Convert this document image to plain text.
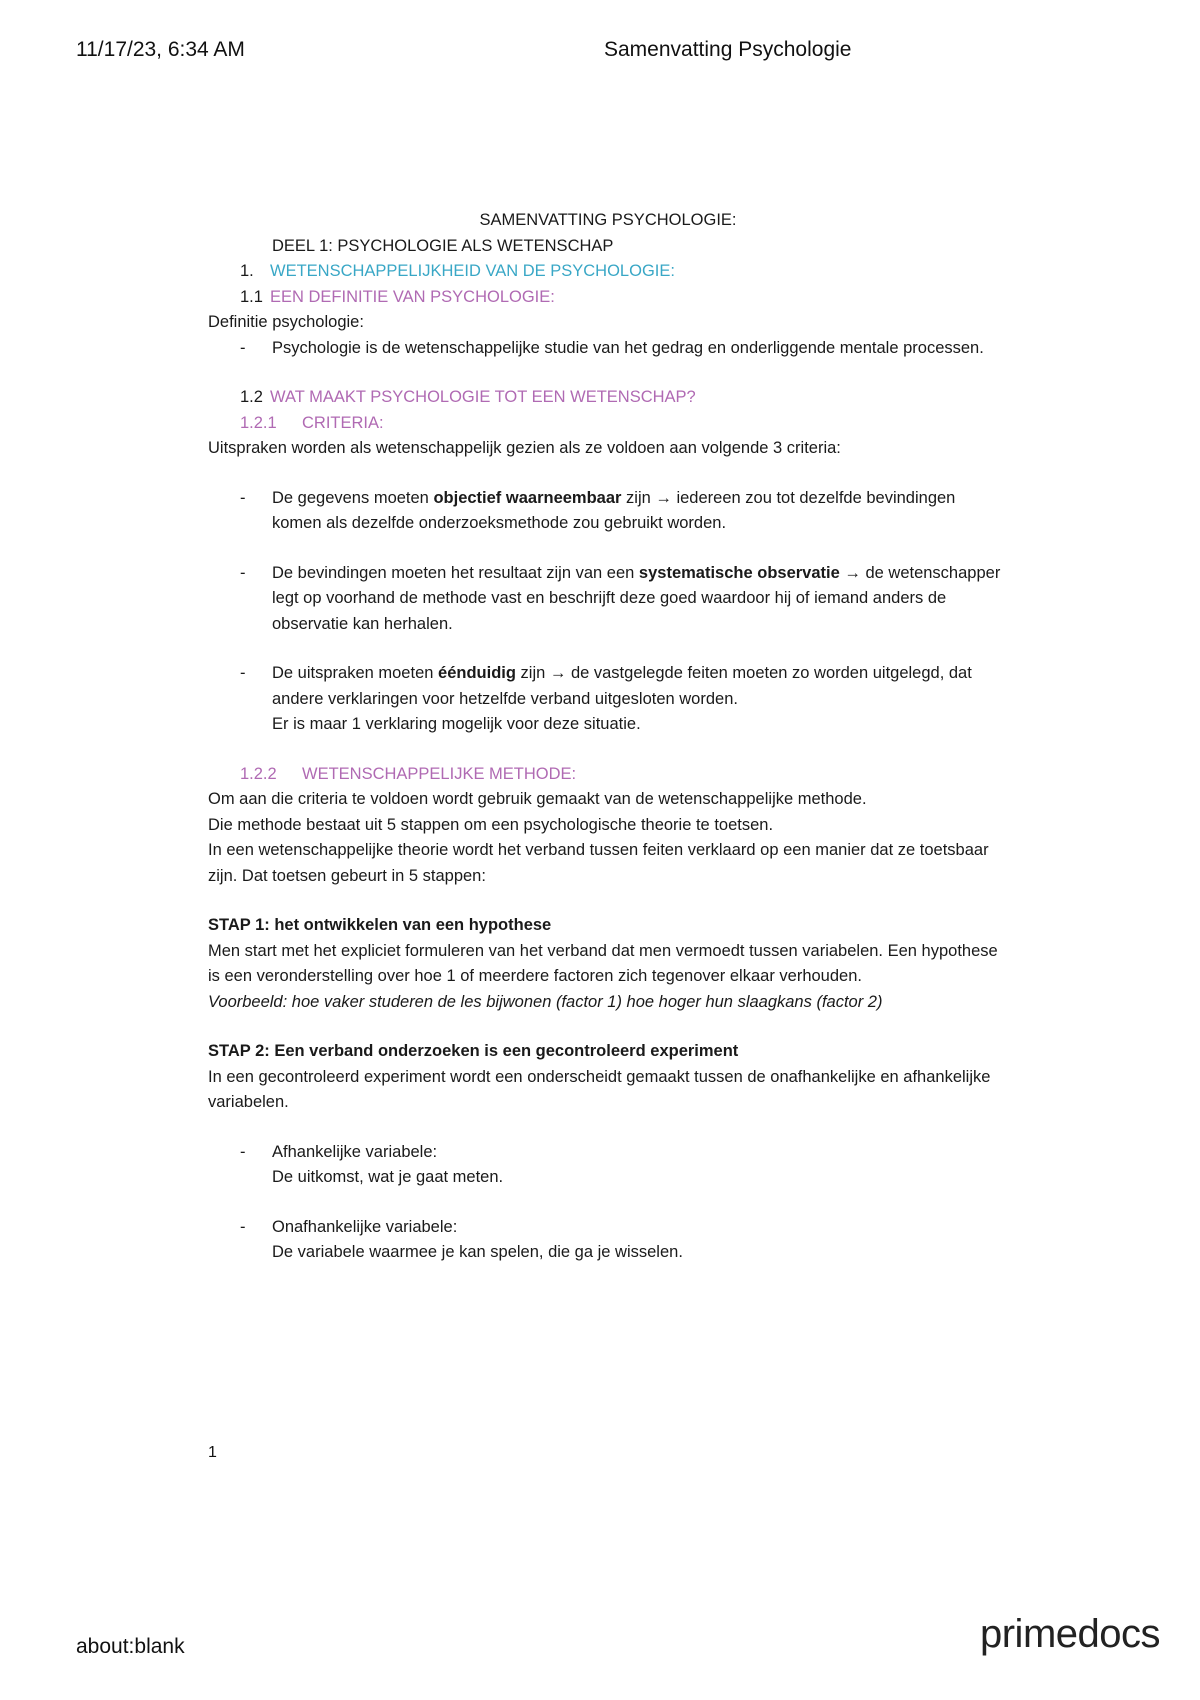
11/17/23, 6:34 AM	Samenvatting Psychologie
SAMENVATTING PSYCHOLOGIE:
DEEL 1: PSYCHOLOGIE ALS WETENSCHAP
1. WETENSCHAPPELIJKHEID VAN DE PSYCHOLOGIE:
1.1 EEN DEFINITIE VAN PSYCHOLOGIE:
Definitie psychologie:
- Psychologie is de wetenschappelijke studie van het gedrag en onderliggende mentale processen.
1.2 WAT MAAKT PSYCHOLOGIE TOT EEN WETENSCHAP?
1.2.1 CRITERIA:
Uitspraken worden als wetenschappelijk gezien als ze voldoen aan volgende 3 criteria:
- De gegevens moeten objectief waarneembaar zijn → iedereen zou tot dezelfde bevindingen komen als dezelfde onderzoeksmethode zou gebruikt worden.
- De bevindingen moeten het resultaat zijn van een systematische observatie → de wetenschapper legt op voorhand de methode vast en beschrijft deze goed waardoor hij of iemand anders de observatie kan herhalen.
- De uitspraken moeten éénduidig zijn → de vastgelegde feiten moeten zo worden uitgelegd, dat andere verklaringen voor hetzelfde verband uitgesloten worden.
Er is maar 1 verklaring mogelijk voor deze situatie.
1.2.2 WETENSCHAPPELIJKE METHODE:
Om aan die criteria te voldoen wordt gebruik gemaakt van de wetenschappelijke methode.
Die methode bestaat uit 5 stappen om een psychologische theorie te toetsen.
In een wetenschappelijke theorie wordt het verband tussen feiten verklaard op een manier dat ze toetsbaar zijn. Dat toetsen gebeurt in 5 stappen:
STAP 1: het ontwikkelen van een hypothese
Men start met het expliciet formuleren van het verband dat men vermoedt tussen variabelen. Een hypothese is een veronderstelling over hoe 1 of meerdere factoren zich tegenover elkaar verhouden.
Voorbeeld: hoe vaker studeren de les bijwonen (factor 1) hoe hoger hun slaagkans (factor 2)
STAP 2: Een verband onderzoeken is een gecontroleerd experiment
In een gecontroleerd experiment wordt een onderscheidt gemaakt tussen de onafhankelijke en afhankelijke variabelen.
- Afhankelijke variabele:
De uitkomst, wat je gaat meten.
- Onafhankelijke variabele:
De variabele waarmee je kan spelen, die ga je wisselen.
1
about:blank	primedocs
